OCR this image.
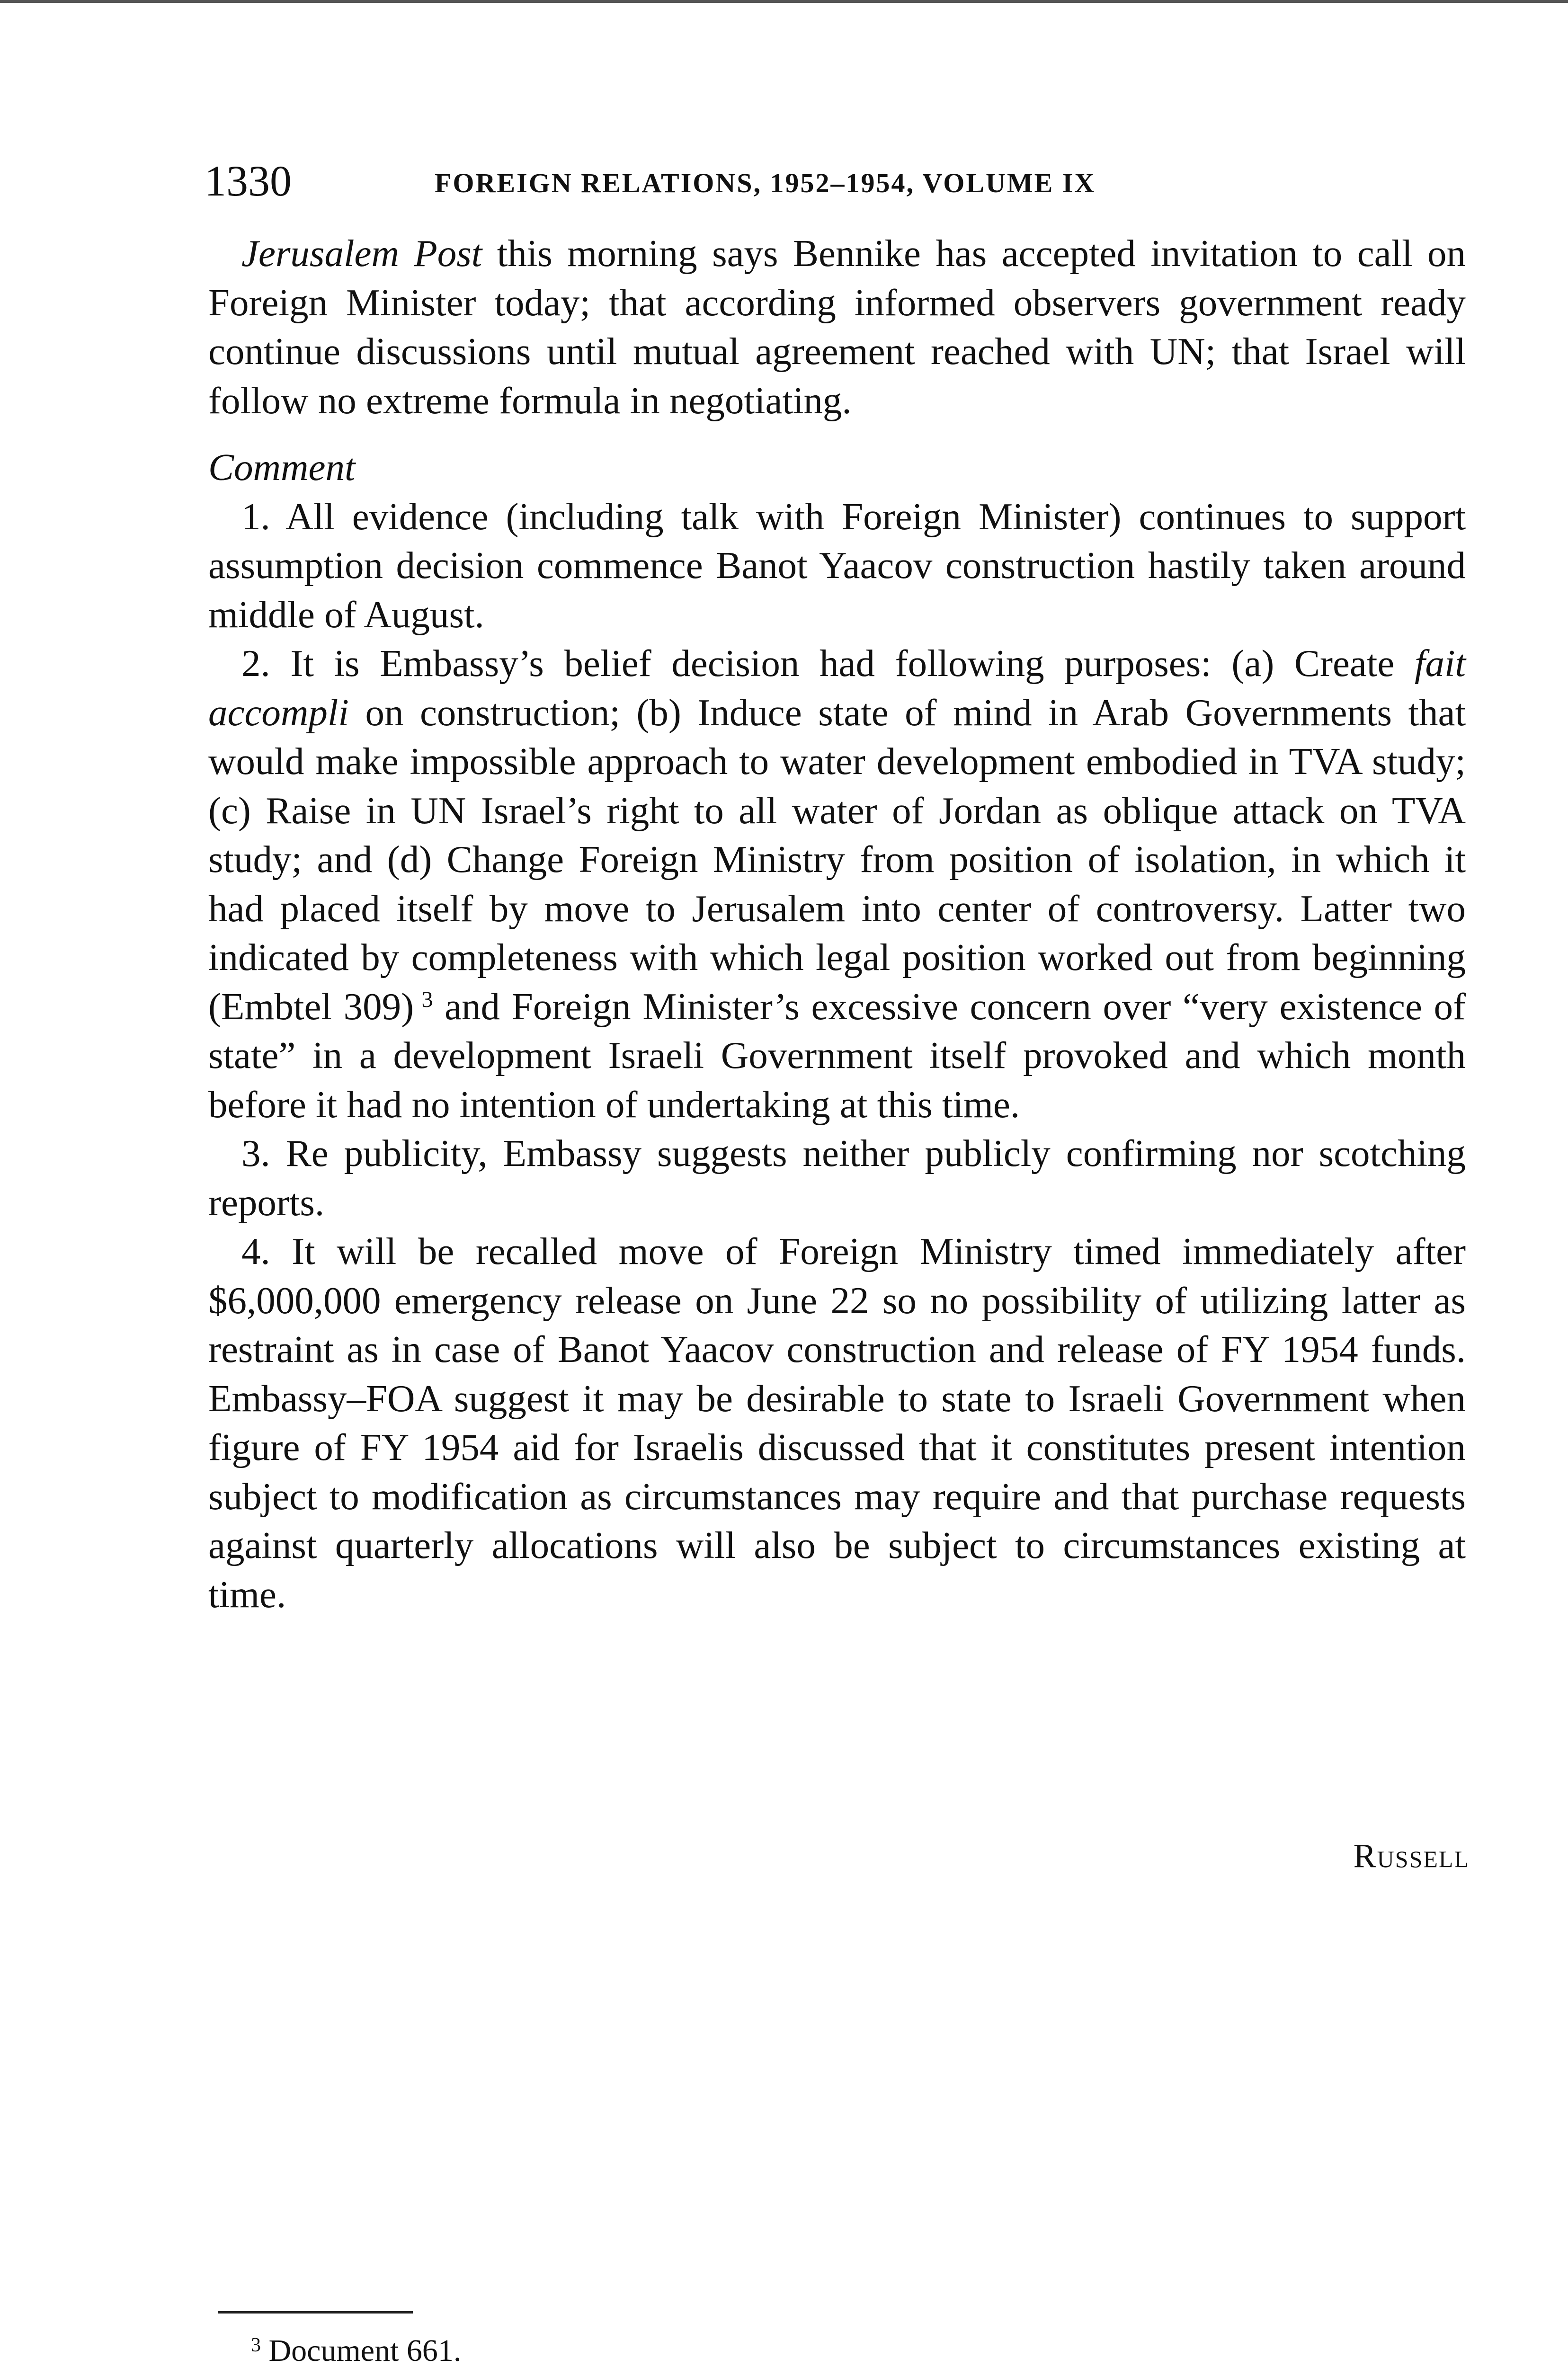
1330	FOREIGN RELATIONS, 1952–1954, VOLUME IX

Jerusalem Post this morning says Bennike has accepted invitation to call on Foreign Minister today; that according informed observers government ready continue discussions until mutual agreement reached with UN; that Israel will follow no extreme formula in negotiating.

Comment

1. All evidence (including talk with Foreign Minister) continues to support assumption decision commence Banot Yaacov construction hastily taken around middle of August.

2. It is Embassy’s belief decision had following purposes: (a) Create fait accompli on construction; (b) Induce state of mind in Arab Governments that would make impossible approach to water development embodied in TVA study; (c) Raise in UN Israel’s right to all water of Jordan as oblique attack on TVA study; and (d) Change Foreign Ministry from position of isolation, in which it had placed itself by move to Jerusalem into center of controversy. Latter two indicated by completeness with which legal position worked out from beginning (Embtel 309) $^3$ and Foreign Minister’s excessive concern over “very existence of state” in a development Israeli Government itself provoked and which month before it had no intention of undertaking at this time.

3. Re publicity, Embassy suggests neither publicly confirming nor scotching reports.

4. It will be recalled move of Foreign Ministry timed immediately after $6,000,000 emergency release on June 22 so no possibility of utilizing latter as restraint as in case of Banot Yaacov construction and release of FY 1954 funds. Embassy–FOA suggest it may be desirable to state to Israeli Government when figure of FY 1954 aid for Israelis discussed that it constitutes present intention subject to modification as circumstances may require and that purchase requests against quarterly allocations will also be subject to circumstances existing at time.

Russell
$^3$ Document 661.
